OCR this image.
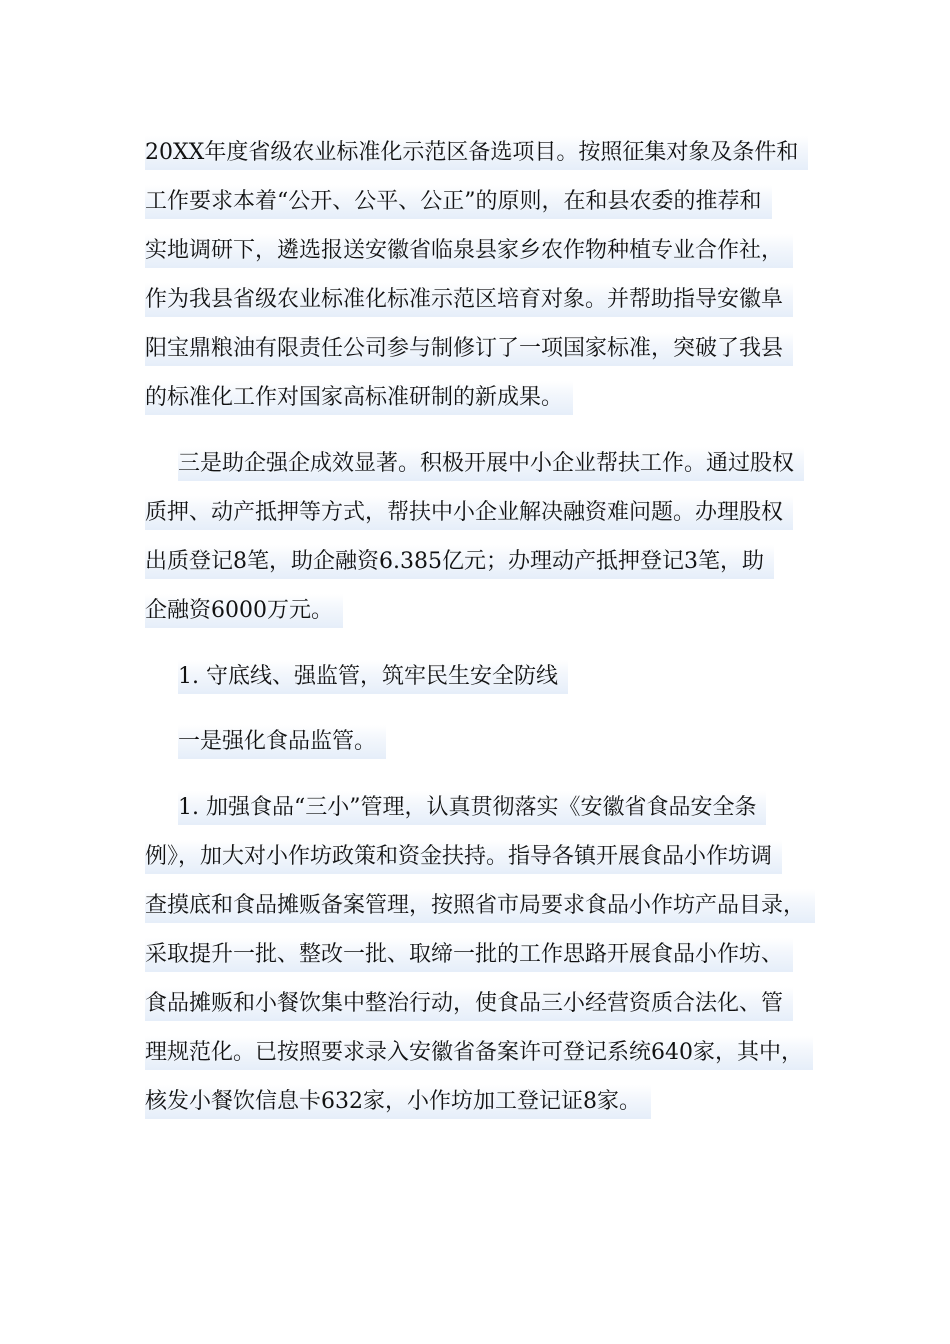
20XX年度省级农业标准化示范区备选项目。按照征集对象及条件和
工作要求本着“公开、公平、公正”的原则，在和县农委的推荐和
实地调研下，遴选报送安徽省临泉县家乡农作物种植专业合作社，
作为我县省级农业标准化标准示范区培育对象。并帮助指导安徽阜
阳宝鼎粮油有限责任公司参与制修订了一项国家标准，突破了我县
的标准化工作对国家高标准研制的新成果。
三是助企强企成效显著。积极开展中小企业帮扶工作。通过股权
质押、动产抵押等方式，帮扶中小企业解决融资难问题。办理股权
出质登记8笔，助企融资6.385亿元；办理动产抵押登记3笔，助
企融资6000万元。
1. 守底线、强监管，筑牢民生安全防线
一是强化食品监管。
1. 加强食品“三小”管理，认真贯彻落实《安徽省食品安全条
例》，加大对小作坊政策和资金扶持。指导各镇开展食品小作坊调
查摸底和食品摊贩备案管理，按照省市局要求食品小作坊产品目录，
采取提升一批、整改一批、取缔一批的工作思路开展食品小作坊、
食品摊贩和小餐饮集中整治行动，使食品三小经营资质合法化、管
理规范化。已按照要求录入安徽省备案许可登记系统640家，其中，
核发小餐饮信息卡632家，小作坊加工登记证8家。
